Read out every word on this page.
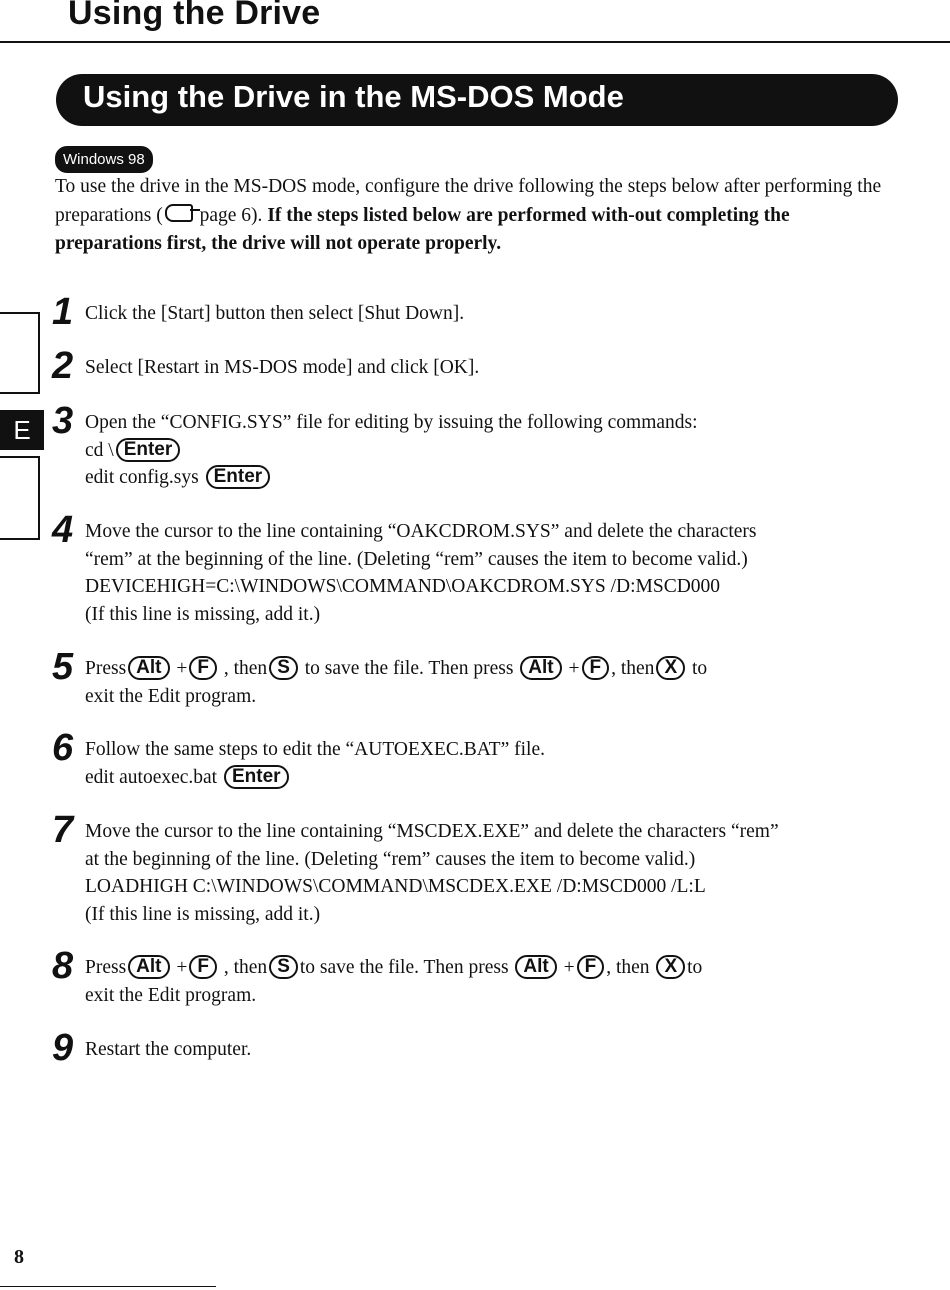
Using the Drive
Using the Drive in the MS-DOS Mode
Windows 98
To use the drive in the MS-DOS mode, configure the drive following the steps below after performing the preparations ( page 6). If the steps listed below are performed with-out completing the preparations first, the drive will not operate properly.
E
1 Click the [Start] button then select [Shut Down].
2 Select [Restart in MS-DOS mode] and click [OK].
3 Open the “CONFIG.SYS” file for editing by issuing the following commands:
cd \ Enter
edit config.sys Enter
4 Move the cursor to the line containing “OAKCDROM.SYS” and delete the characters
“rem” at the beginning of the line. (Deleting “rem” causes the item to become valid.)
DEVICEHIGH=C:\WINDOWS\COMMAND\OAKCDROM.SYS /D:MSCD000
(If this line is missing, add it.)
5 Press Alt + F , then S to save the file. Then press Alt + F , then X to
exit the Edit program.
6 Follow the same steps to edit the “AUTOEXEC.BAT” file.
edit autoexec.bat Enter
7 Move the cursor to the line containing “MSCDEX.EXE” and delete the characters “rem”
at the beginning of the line. (Deleting “rem” causes the item to become valid.)
LOADHIGH C:\WINDOWS\COMMAND\MSCDEX.EXE /D:MSCD000 /L:L
(If this line is missing, add it.)
8 Press Alt + F , then S to save the file. Then press Alt + F , then X to
exit the Edit program.
9 Restart the computer.
8
